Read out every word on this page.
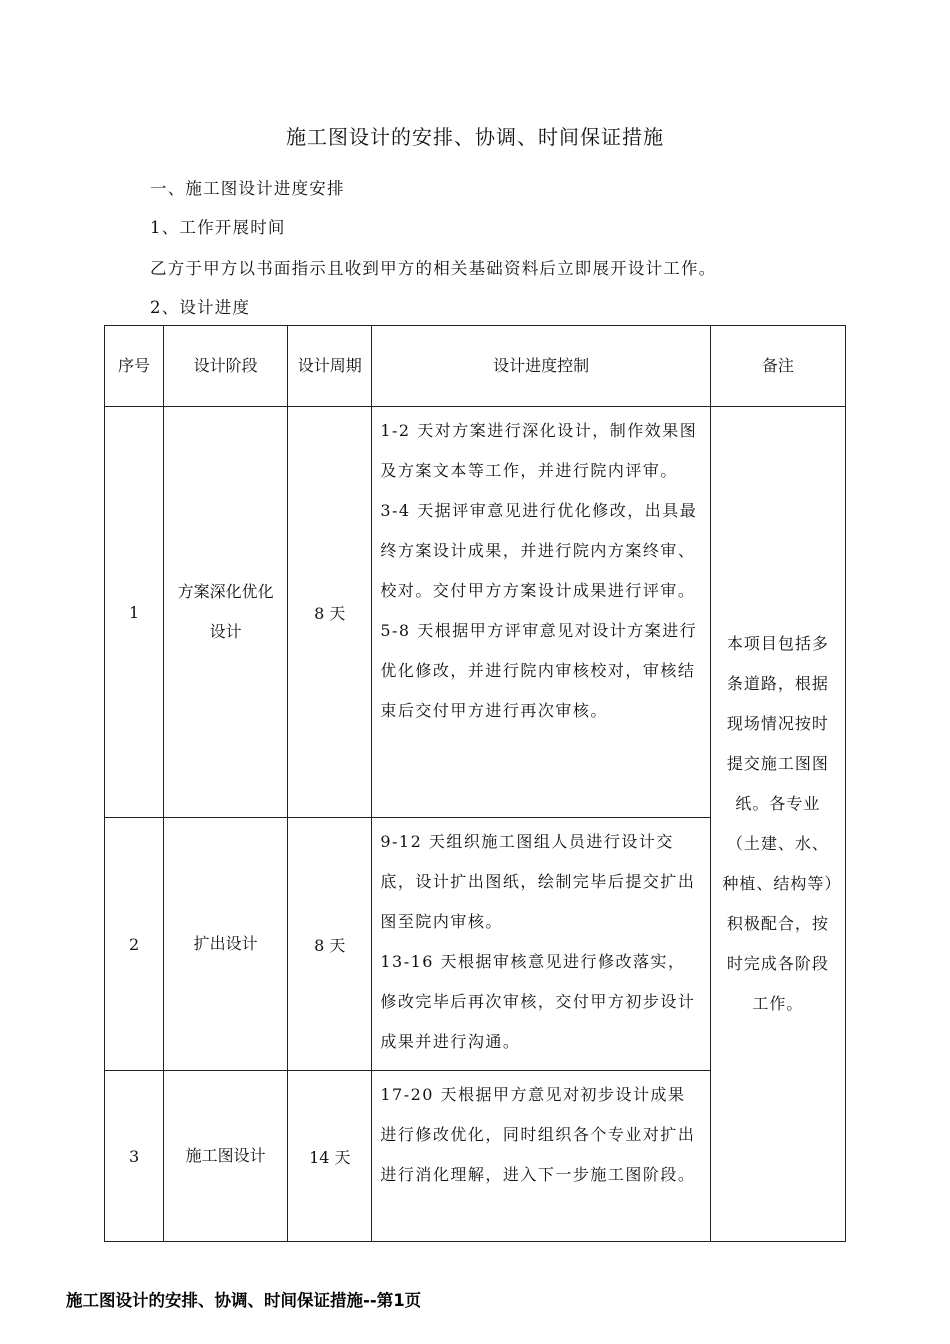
施工图设计的安排、协调、时间保证措施
一、施工图设计进度安排
1、工作开展时间
乙方于甲方以书面指示且收到甲方的相关基础资料后立即展开设计工作。
2、设计进度
序号	设计阶段	设计周期	设计进度控制	备注
1	方案深化优化设计	8 天	1-2 天对方案进行深化设计，制作效果图及方案文本等工作，并进行院内评审。
3-4 天据评审意见进行优化修改，出具最终方案设计成果，并进行院内方案终审、校对。交付甲方方案设计成果进行评审。
5-8 天根据甲方评审意见对设计方案进行优化修改，并进行院内审核校对，审核结束后交付甲方进行再次审核。	本项目包括多条道路，根据现场情况按时提交施工图图纸。各专业（土建、水、种植、结构等）积极配合，按时完成各阶段工作。
2	扩出设计	8 天	9-12 天组织施工图组人员进行设计交底，设计扩出图纸，绘制完毕后提交扩出图至院内审核。
13-16 天根据审核意见进行修改落实，修改完毕后再次审核，交付甲方初步设计成果并进行沟通。	

3	施工图设计	14 天	17-20 天根据甲方意见对初步设计成果进行修改优化，同时组织各个专业对扩出进行消化理解，进入下一步施工图阶段。	
施工图设计的安排、协调、时间保证措施--第1页
